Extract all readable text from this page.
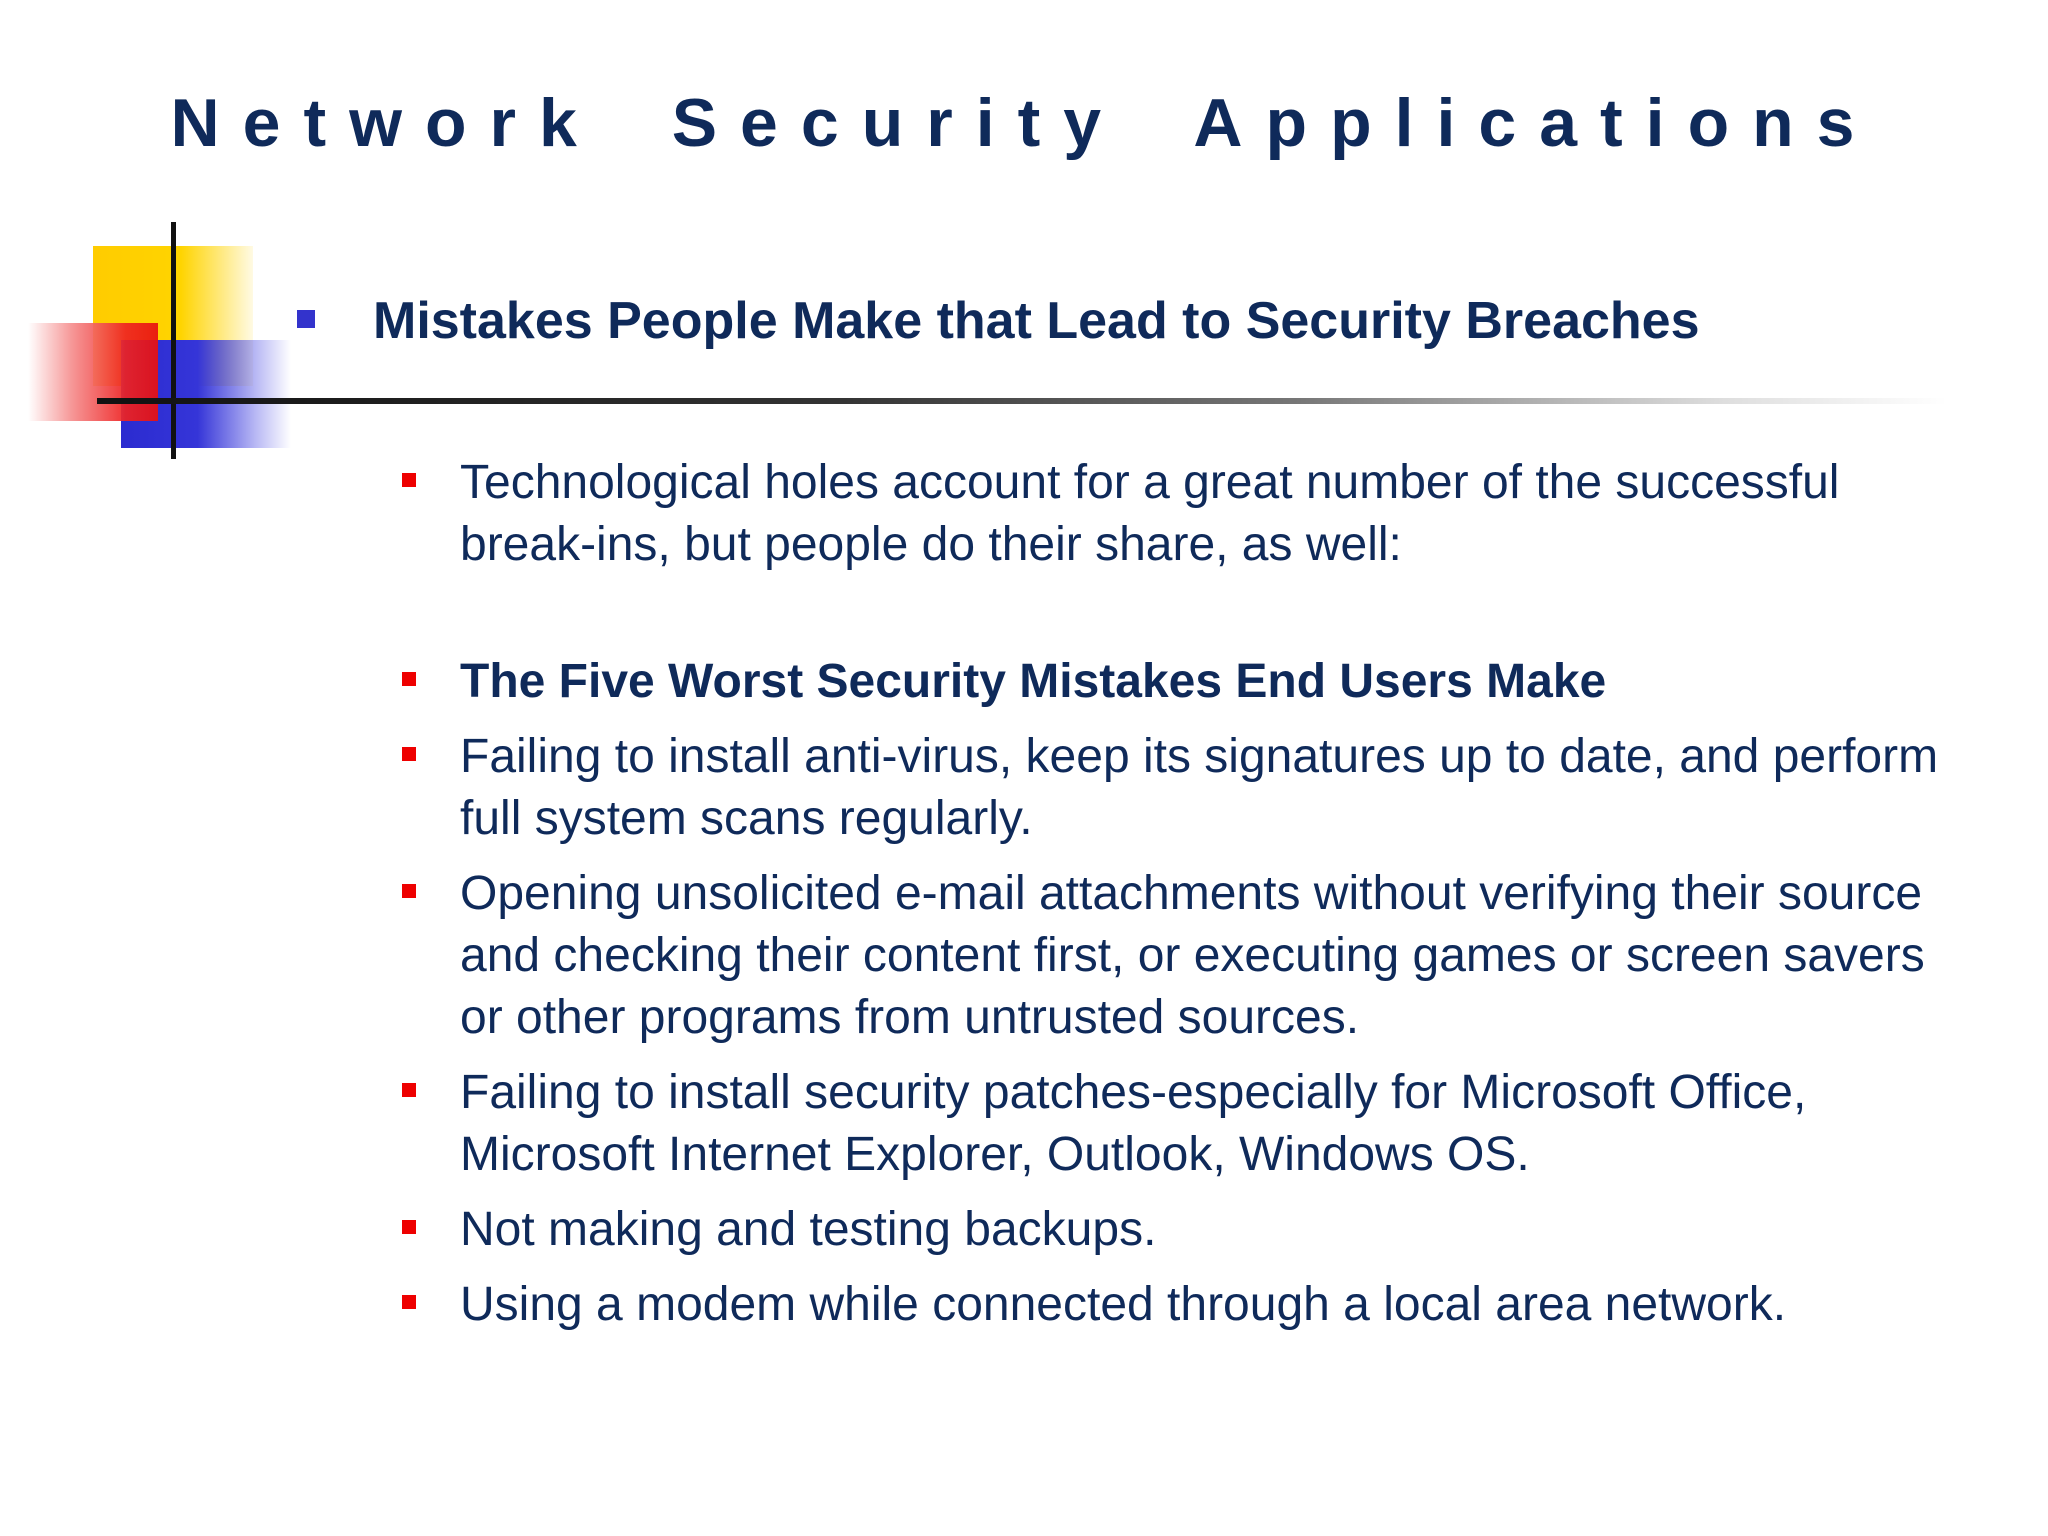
Network Security Applications
Mistakes People Make that Lead to Security Breaches
Technological holes account for a great number of the successful break-ins, but people do their share, as well:
The Five Worst Security Mistakes End Users Make
Failing to install anti-virus, keep its signatures up to date, and perform full system scans regularly.
Opening unsolicited e-mail attachments without verifying their source and checking their content first, or executing games or screen savers or other programs from untrusted sources.
Failing to install security patches-especially for Microsoft Office, Microsoft Internet Explorer, Outlook, Windows OS.
Not making and testing backups.
Using a modem while connected through a local area network.
